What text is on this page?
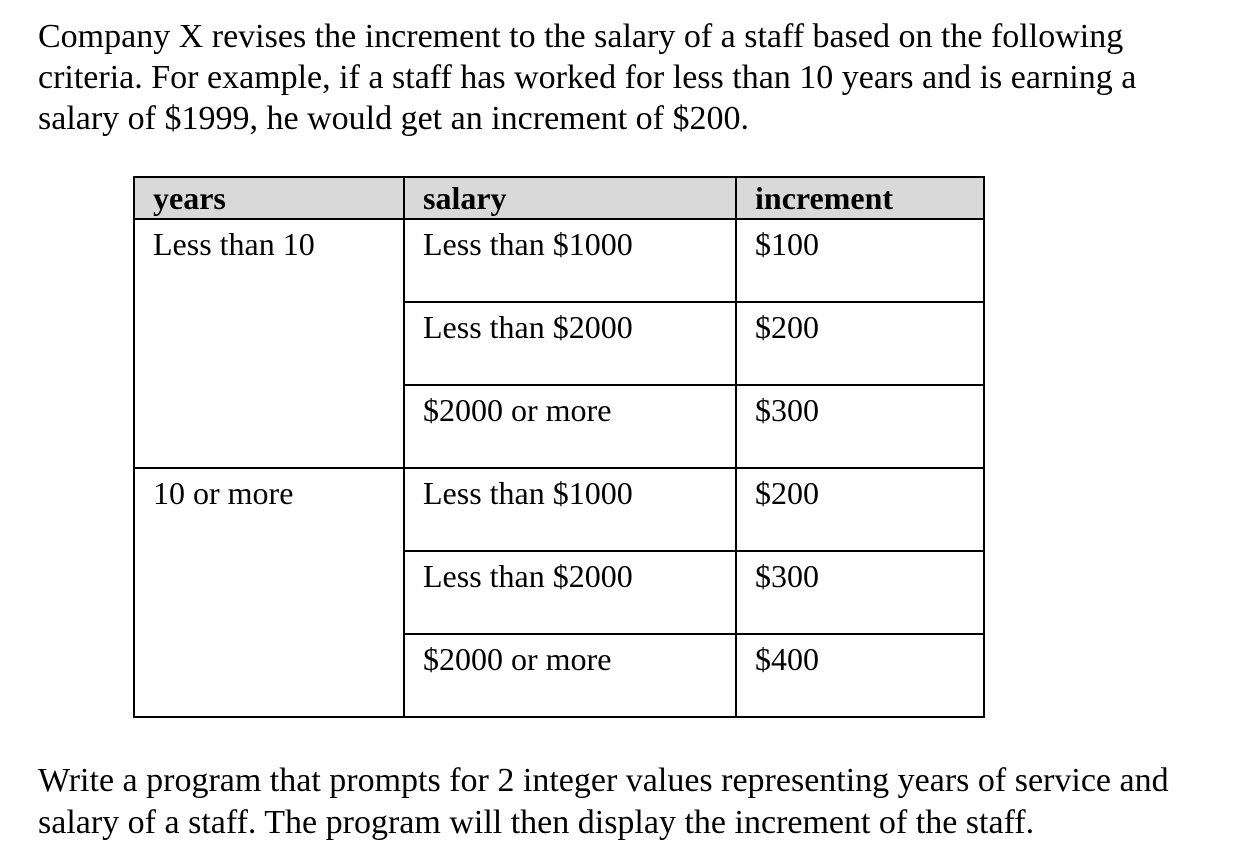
Company X revises the increment to the salary of a staff based on the following
criteria. For example, if a staff has worked for less than 10 years and is earning a
salary of $1999, he would get an increment of $200.

years	salary	increment
Less than 10	Less than $1000	$100
	Less than $2000	$200
	$2000 or more	$300
10 or more	Less than $1000	$200
	Less than $2000	$300
	$2000 or more	$400

Write a program that prompts for 2 integer values representing years of service and
salary of a staff. The program will then display the increment of the staff.
